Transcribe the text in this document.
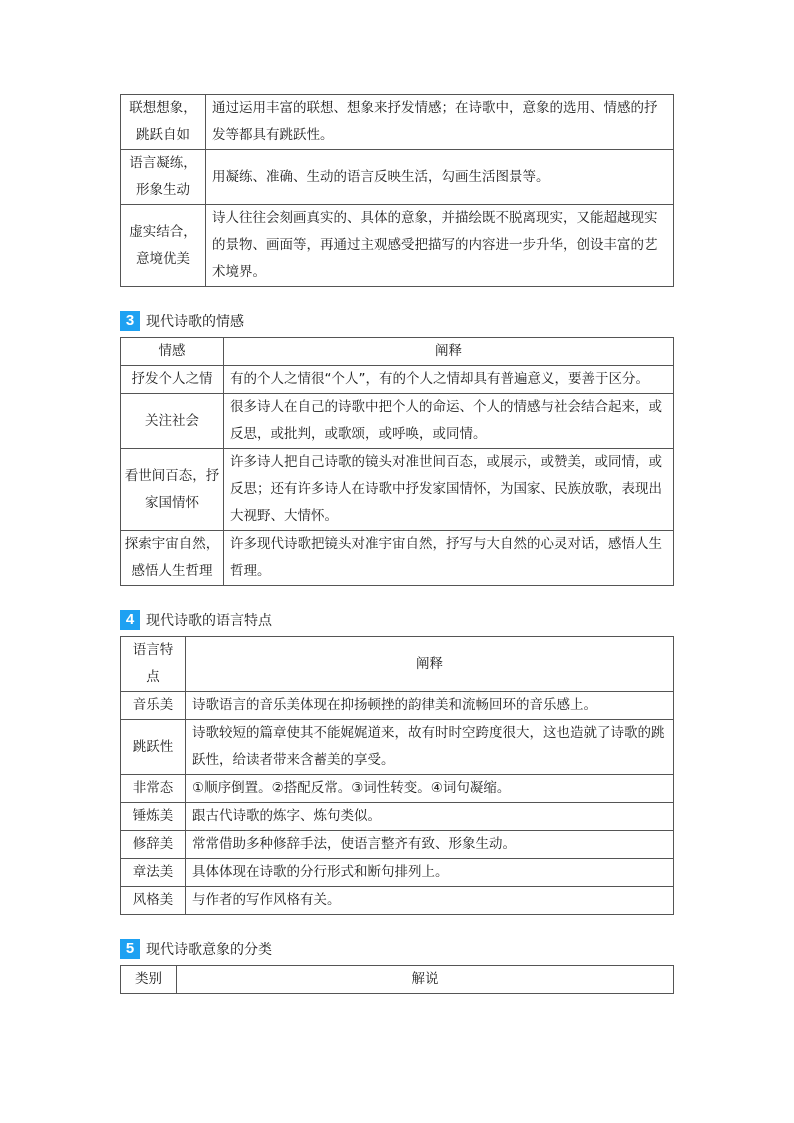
联想想象，跳跃自如	通过运用丰富的联想、想象来抒发情感；在诗歌中，意象的选用、情感的抒发等都具有跳跃性。
语言凝练，形象生动	用凝练、准确、生动的语言反映生活，勾画生活图景等。
虚实结合，意境优美	诗人往往会刻画真实的、具体的意象，并描绘既不脱离现实，又能超越现实的景物、画面等，再通过主观感受把描写的内容进一步升华，创设丰富的艺术境界。
3 现代诗歌的情感
情感	阐释
抒发个人之情	有的个人之情很“个人”，有的个人之情却具有普遍意义，要善于区分。
关注社会	很多诗人在自己的诗歌中把个人的命运、个人的情感与社会结合起来，或反思，或批判，或歌颂，或呼唤，或同情。
看世间百态，抒家国情怀	许多诗人把自己诗歌的镜头对准世间百态，或展示，或赞美，或同情，或反思；还有许多诗人在诗歌中抒发家国情怀，为国家、民族放歌，表现出大视野、大情怀。
探索宇宙自然，感悟人生哲理	许多现代诗歌把镜头对准宇宙自然，抒写与大自然的心灵对话，感悟人生哲理。
4 现代诗歌的语言特点
语言特点	阐释
音乐美	诗歌语言的音乐美体现在抑扬顿挫的韵律美和流畅回环的音乐感上。
跳跃性	诗歌较短的篇章使其不能娓娓道来，故有时时空跨度很大，这也造就了诗歌的跳跃性，给读者带来含蓄美的享受。
非常态	①顺序倒置。②搭配反常。③词性转变。④词句凝缩。
锤炼美	跟古代诗歌的炼字、炼句类似。
修辞美	常常借助多种修辞手法，使语言整齐有致、形象生动。
章法美	具体体现在诗歌的分行形式和断句排列上。
风格美	与作者的写作风格有关。
5 现代诗歌意象的分类
类别	解说
